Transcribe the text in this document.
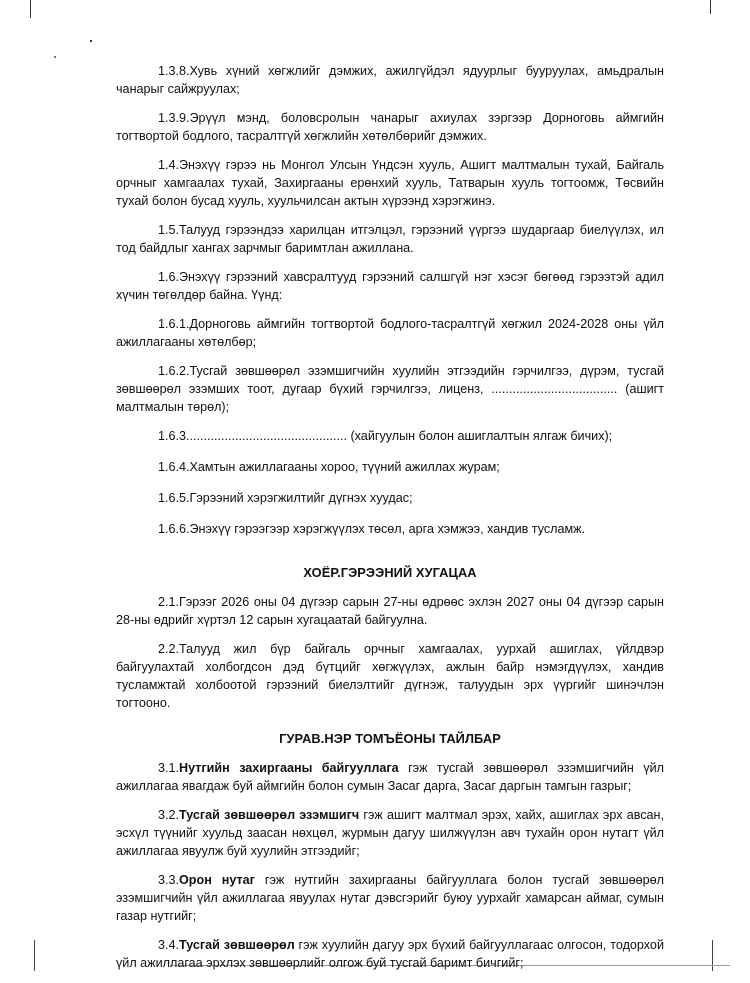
1.3.8.Хувь хүний хөгжлийг дэмжих, ажилгүйдэл ядуурлыг бууруулах, амьдралын чанарыг сайжруулах;

1.3.9.Эрүүл мэнд, боловсролын чанарыг ахиулах зэргээр Дорноговь аймгийн тогтвортой бодлого, тасралтгүй хөгжлийн хөтөлбөрийг дэмжих.

1.4.Энэхүү гэрээ нь Монгол Улсын Үндсэн хууль, Ашигт малтмалын тухай, Байгаль орчныг хамгаалах тухай, Захиргааны ерөнхий хууль, Татварын хууль тогтоомж, Төсвийн тухай болон бусад хууль, хуульчилсан актын хүрээнд хэрэгжинэ.

1.5.Талууд гэрээндээ харилцан итгэлцэл, гэрээний үүргээ шударгаар биелүүлэх, ил тод байдлыг хангах зарчмыг баримтлан ажиллана.

1.6.Энэхүү гэрээний хавсралтууд гэрээний салшгүй нэг хэсэг бөгөөд гэрээтэй адил хүчин төгөлдөр байна. Үүнд:

1.6.1.Дорноговь аймгийн тогтвортой бодлого-тасралтгүй хөгжил 2024-2028 оны үйл ажиллагааны хөтөлбөр;

1.6.2.Тусгай зөвшөөрөл эзэмшигчийн хуулийн этгээдийн гэрчилгээ, дүрэм, тусгай зөвшөөрөл эзэмших тоот, дугаар бүхий гэрчилгээ, лиценз, .................................... (ашигт малтмалын төрөл);

1.6.3.............................................. (хайгуулын болон ашиглалтын ялгаж бичих);

1.6.4.Хамтын ажиллагааны хороо, түүний ажиллах журам;

1.6.5.Гэрээний хэрэгжилтийг дүгнэх хуудас;

1.6.6.Энэхүү гэрээгээр хэрэгжүүлэх төсөл, арга хэмжээ, хандив тусламж.

ХОЁР.ГЭРЭЭНИЙ ХУГАЦАА

2.1.Гэрээг 2026 оны 04 дүгээр сарын 27-ны өдрөөс эхлэн 2027 оны 04 дүгээр сарын 28-ны өдрийг хүртэл 12 сарын хугацаатай байгуулна.

2.2.Талууд жил бүр байгаль орчныг хамгаалах, уурхай ашиглах, үйлдвэр байгуулахтай холбогдсон дэд бүтцийг хөгжүүлэх, ажлын байр нэмэгдүүлэх, хандив тусламжтай холбоотой гэрээний биелэлтийг дүгнэж, талуудын эрх үүргийг шинэчлэн тогтооно.

ГУРАВ.НЭР ТОМЪЁОНЫ ТАЙЛБАР

3.1.Нутгийн захиргааны байгууллага гэж тусгай зөвшөөрөл эзэмшигчийн үйл ажиллагаа явагдаж буй аймгийн болон сумын Засаг дарга, Засаг даргын тамгын газрыг;

3.2.Тусгай зөвшөөрөл эзэмшигч гэж ашигт малтмал эрэх, хайх, ашиглах эрх авсан, эсхүл түүнийг хуульд заасан нөхцөл, журмын дагуу шилжүүлэн авч тухайн орон нутагт үйл ажиллагаа явуулж буй хуулийн этгээдийг;

3.3.Орон нутаг гэж нутгийн захиргааны байгууллага болон тусгай зөвшөөрөл эзэмшигчийн үйл ажиллагаа явуулах нутаг дэвсгэрийг буюу уурхайг хамарсан аймаг, сумын газар нутгийг;

3.4.Тусгай зөвшөөрөл гэж хуулийн дагуу эрх бүхий байгууллагаас олгосон, тодорхой үйл ажиллагаа эрхлэх зөвшөөрлийг олгож буй тусгай баримт бичгийг;
